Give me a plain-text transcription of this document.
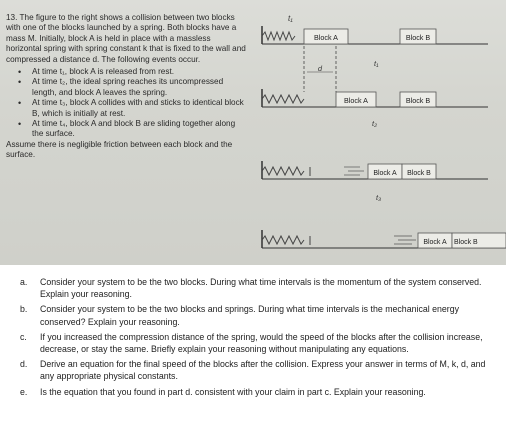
13. The figure to the right shows a collision between two blocks with one of the blocks launched by a spring. Both blocks have a mass M. Initially, block A is held in place with a massless horizontal spring with spring constant k that is fixed to the wall and compressed a distance d. The following events occur.

• At time t₁, block A is released from rest.
• At time t₂, the ideal spring reaches its uncompressed length, and block A leaves the spring.
• At time t₃, block A collides with and sticks to identical block B, which is initially at rest.
• At time t₄, block A and block B are sliding together along the surface.

Assume there is negligible friction between each block and the surface.

Block A	Block B
t₁
d
t₁
Block A	Block B
t₂
Block A Block B
t₃
Block A Block B
a. Consider your system to be the two blocks. During what time intervals is the momentum of the system conserved. Explain your reasoning.
b. Consider your system to be the two blocks and springs. During what time intervals is the mechanical energy conserved? Explain your reasoning.
c. If you increased the compression distance of the spring, would the speed of the blocks after the collision increase, decrease, or stay the same. Briefly explain your reasoning without manipulating any equations.
d. Derive an equation for the final speed of the blocks after the collision. Express your answer in terms of M, k, d, and any appropriate physical constants.
e. Is the equation that you found in part d. consistent with your claim in part c. Explain your reasoning.
